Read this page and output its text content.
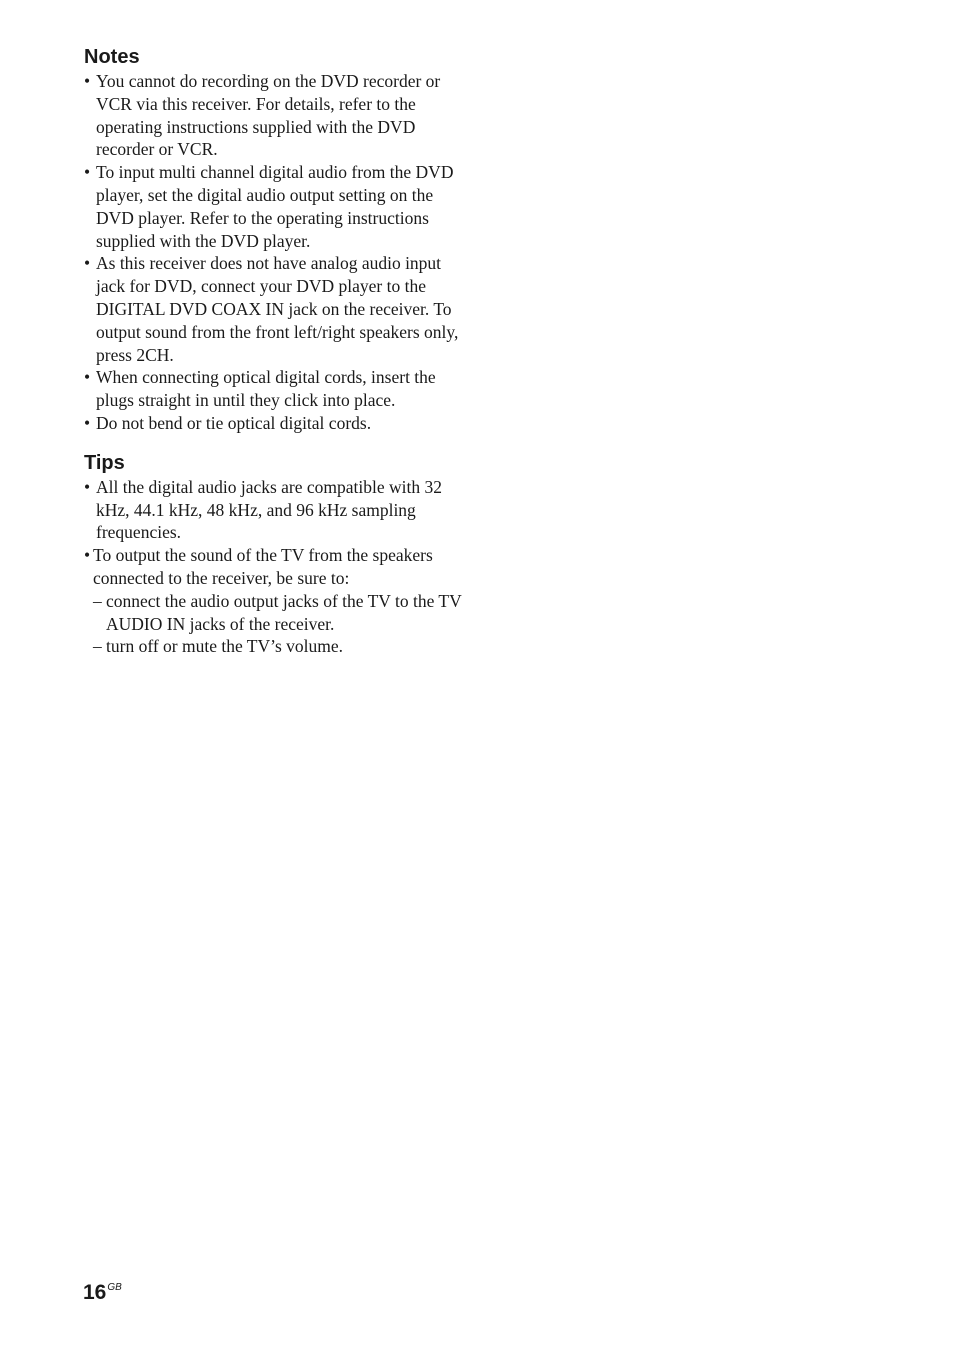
Notes
• You cannot do recording on the DVD recorder or VCR via this receiver. For details, refer to the operating instructions supplied with the DVD recorder or VCR.
• To input multi channel digital audio from the DVD player, set the digital audio output setting on the DVD player. Refer to the operating instructions supplied with the DVD player.
• As this receiver does not have analog audio input jack for DVD, connect your DVD player to the DIGITAL DVD COAX IN jack on the receiver. To output sound from the front left/right speakers only, press 2CH.
• When connecting optical digital cords, insert the plugs straight in until they click into place.
• Do not bend or tie optical digital cords.
Tips
• All the digital audio jacks are compatible with 32 kHz, 44.1 kHz, 48 kHz, and 96 kHz sampling frequencies.
• To output the sound of the TV from the speakers connected to the receiver, be sure to:
– connect the audio output jacks of the TV to the TV AUDIO IN jacks of the receiver.
– turn off or mute the TV’s volume.
$16^{GB}$
